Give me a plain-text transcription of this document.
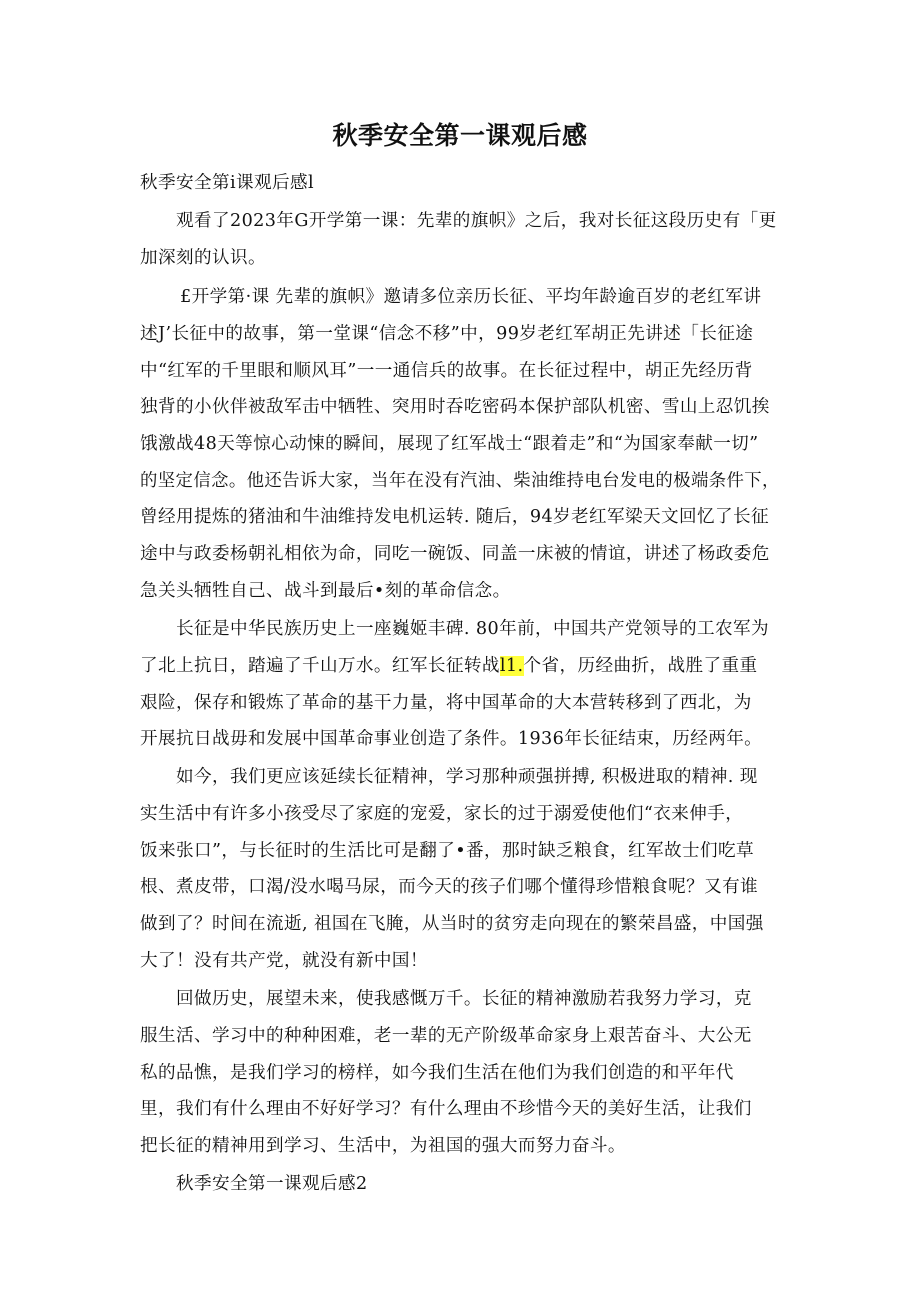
秋季安全第一课观后感
秋季安全第i课观后感l
观看了2023年G开学第一课：先辈的旗帜》之后，我对长征这段历史有「更
加深刻的认识。
£开学第·课 先辈的旗帜》邀请多位亲历长征、平均年龄逾百岁的老红军讲
述J’长征中的故事，第一堂课“信念不移”中，99岁老红军胡正先讲述「长征途
中“红军的千里眼和顺风耳”一一通信兵的故事。在长征过程中，胡正先经历背
独背的小伙伴被敌军击中牺牲、突用时吞吃密码本保护部队机密、雪山上忍饥挨
饿激战48天等惊心动悚的瞬间，展现了红军战士“跟着走”和“为国家奉献一切”
的坚定信念。他还告诉大家，当年在没有汽油、柴油维持电台发电的极端条件下，
曾经用提炼的猪油和牛油维持发电机运转. 随后，94岁老红军梁天文回忆了长征
途中与政委杨朝礼相依为命，同吃一碗饭、同盖一床被的情谊，讲述了杨政委危
急关头牺牲自己、战斗到最后•刻的革命信念。
长征是中华民族历史上一座巍姬丰碑. 80年前，中国共产党领导的工农军为
了北上抗日，踏遍了千山万水。红军长征转战l1.个省，历经曲折，战胜了重重
艰险，保存和锻炼了革命的基干力量，将中国革命的大本营转移到了西北，为
开展抗日战毋和发展中国革命事业创造了条件。1936年长征结束，历经两年。
如今，我们更应该延续长征精神，学习那种顽强拼搏, 积极进取的精神. 现
实生活中有许多小孩受尽了家庭的宠爱，家长的过于溺爱使他们“衣来伸手，
饭来张口”，与长征时的生活比可是翻了•番，那时缺乏粮食，红军故士们吃草
根、煮皮带，口渴/没水喝马尿，而今天的孩子们哪个懂得珍惜粮食呢？又有谁
做到了？时间在流逝, 祖国在飞腌，从当时的贫穷走向现在的繁荣昌盛，中国强
大了！没有共产党，就没有新中国！
回做历史，展望未来，使我感慨万千。长征的精神激励若我努力学习，克
服生活、学习中的种种困难，老一辈的无产阶级革命家身上艰苦奋斗、大公无
私的品憔，是我们学习的榜样，如今我们生活在他们为我们创造的和平年代
里，我们有什么理由不好好学习？有什么理由不珍惜今天的美好生活，让我们
把长征的精神用到学习、生活中，为祖国的强大而努力奋斗。
秋季安全第一课观后感2
